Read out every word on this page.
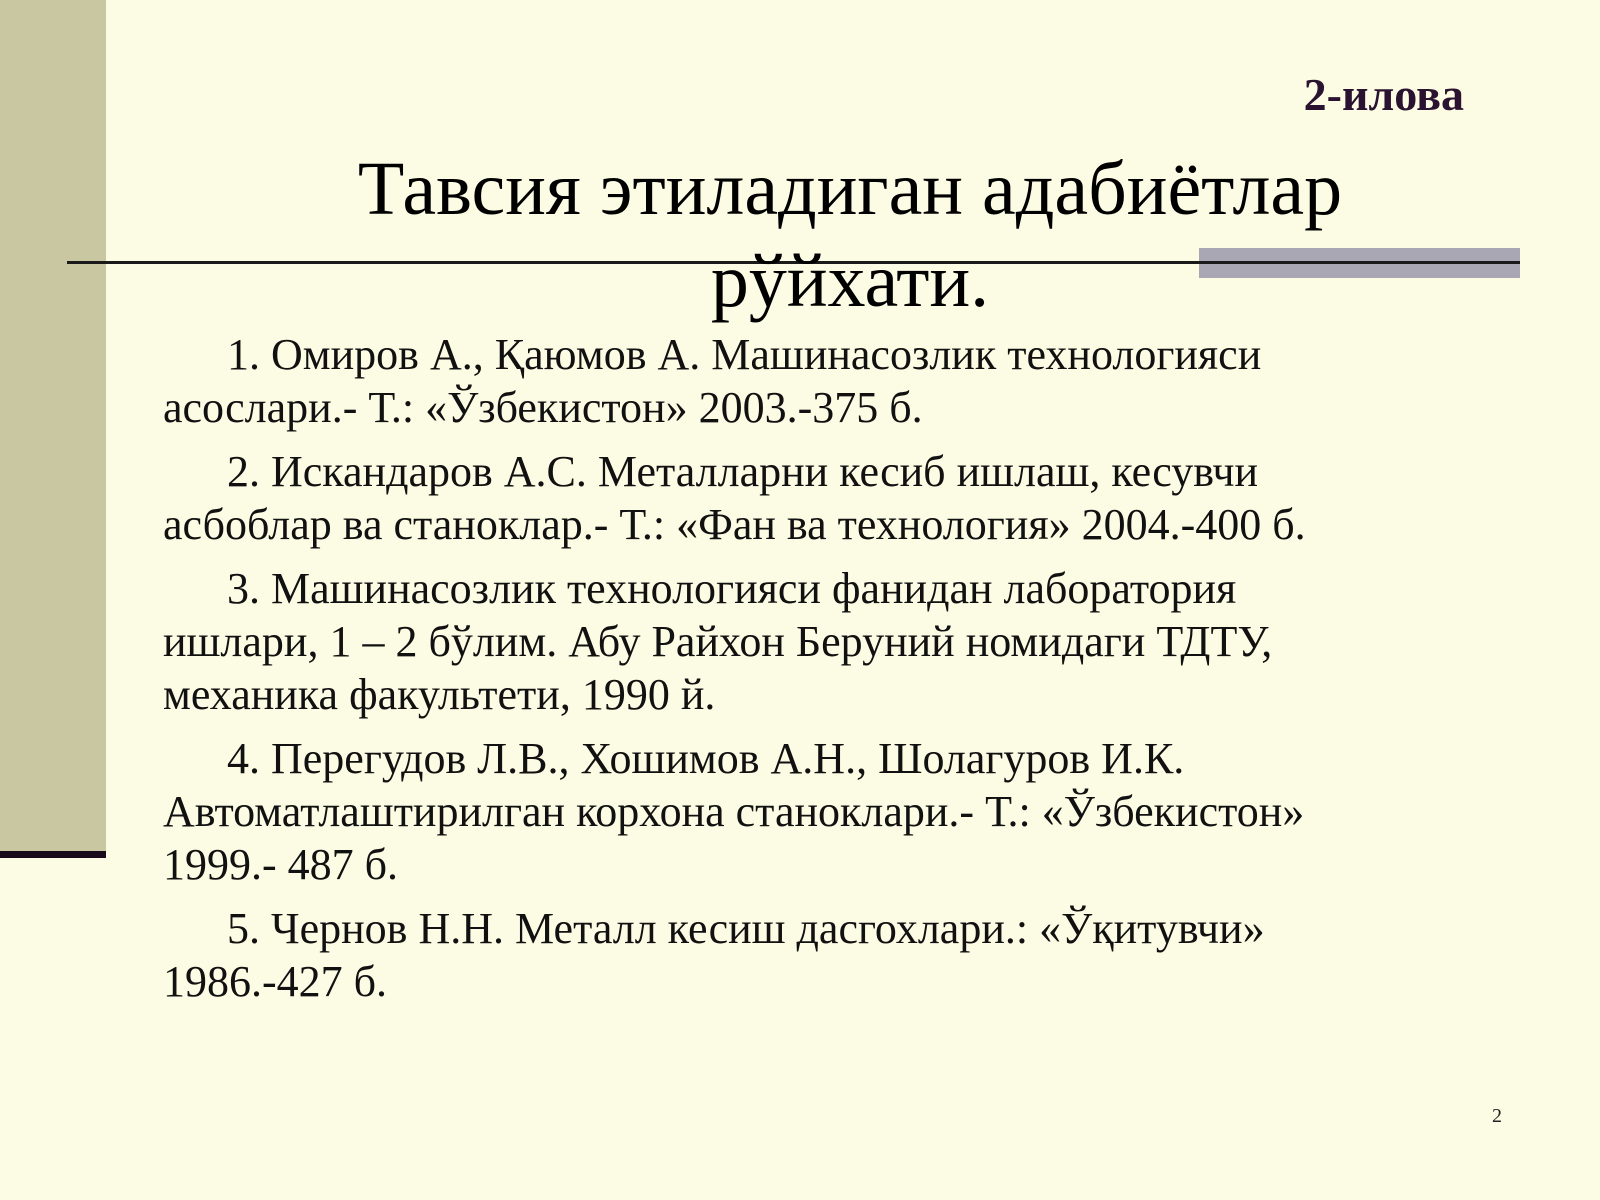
2-илова
Тавсия этиладиган адабиётлар
рўйхати.
1. Омиров А., Қаюмов А. Машинасозлик технологияси
асослари.- Т.: «Ўзбекистон» 2003.-375 б.
2. Искандаров А.С. Металларни кесиб ишлаш, кесувчи
асбоблар ва станоклар.- Т.: «Фан ва технология» 2004.-400 б.
3. Машинасозлик технологияси фанидан лаборатория
ишлари, 1 – 2 бўлим. Абу Райхон Беруний номидаги ТДТУ,
механика факультети, 1990 й.
4. Перегудов Л.В., Хошимов А.Н., Шолагуров И.К.
Автоматлаштирилган корхона станоклари.- Т.: «Ўзбекистон»
1999.- 487 б.
5. Чернов Н.Н. Металл кесиш дасгохлари.: «Ўқитувчи»
1986.-427 б.
2
